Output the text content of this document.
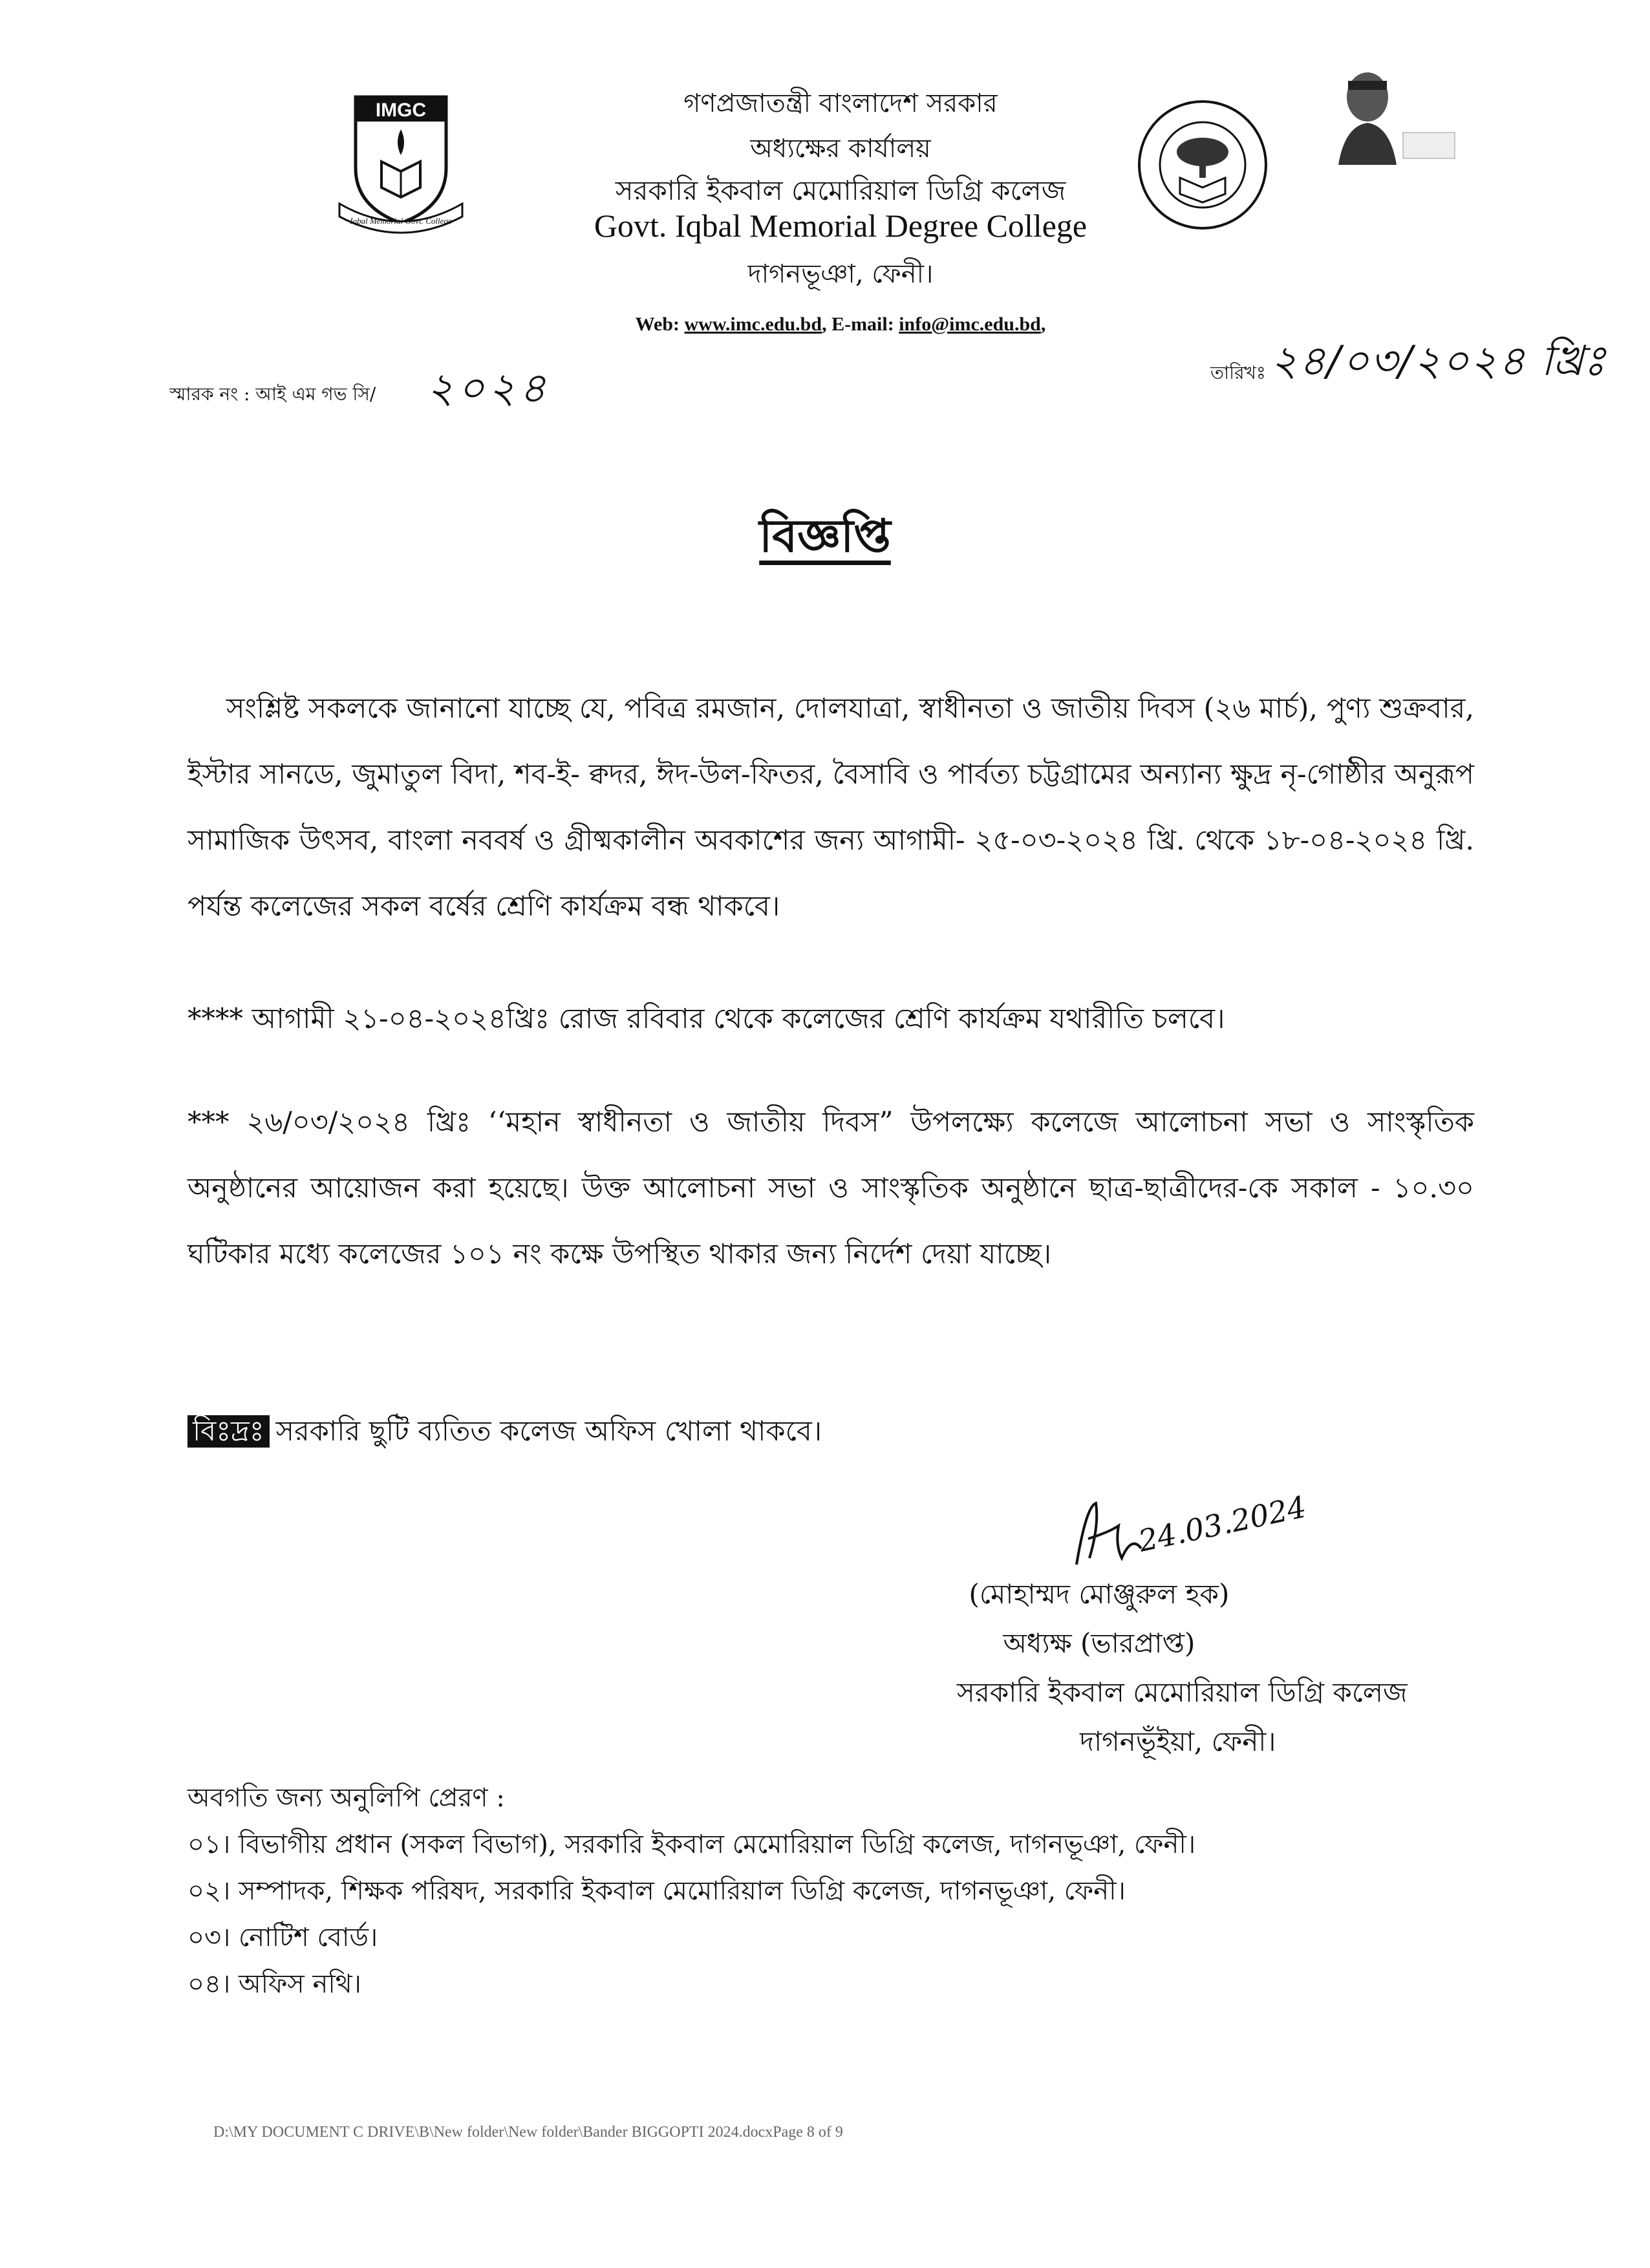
IMGC
Iqbal Memorial Govt. College
গণপ্রজাতন্ত্রী বাংলাদেশ সরকার
অধ্যক্ষের কার্যালয়
সরকারি ইকবাল মেমোরিয়াল ডিগ্রি কলেজ
Govt. Iqbal Memorial Degree College
দাগনভূঞা, ফেনী।
Web: www.imc.edu.bd, E-mail: info@imc.edu.bd,
স্মারক নং : আই এম গভ সি/ ২০২৪	তারিখঃ ২৪/০৩/২০২৪ খ্রিঃ
বিজ্ঞপ্তি
সংশ্লিষ্ট সকলকে জানানো যাচ্ছে যে, পবিত্র রমজান, দোলযাত্রা, স্বাধীনতা ও জাতীয় দিবস (২৬ মার্চ), পুণ্য শুক্রবার, ইস্টার সানডে, জুমাতুল বিদা, শব-ই- ক্বদর, ঈদ-উল-ফিতর, বৈসাবি ও পার্বত্য চট্টগ্রামের অন্যান্য ক্ষুদ্র নৃ-গোষ্ঠীর অনুরূপ সামাজিক উৎসব, বাংলা নববর্ষ ও গ্রীষ্মকালীন অবকাশের জন্য আগামী- ২৫-০৩-২০২৪ খ্রি. থেকে ১৮-০৪-২০২৪ খ্রি. পর্যন্ত কলেজের সকল বর্ষের শ্রেণি কার্যক্রম বন্ধ থাকবে।
**** আগামী ২১-০৪-২০২৪খ্রিঃ রোজ রবিবার থেকে কলেজের শ্রেণি কার্যক্রম যথারীতি চলবে।
*** ২৬/০৩/২০২৪ খ্রিঃ ‘‘মহান স্বাধীনতা ও জাতীয় দিবস” উপলক্ষ্যে কলেজে আলোচনা সভা ও সাংস্কৃতিক অনুষ্ঠানের আয়োজন করা হয়েছে। উক্ত আলোচনা সভা ও সাংস্কৃতিক অনুষ্ঠানে ছাত্র-ছাত্রীদের-কে সকাল - ১০.৩০ ঘটিকার মধ্যে কলেজের ১০১ নং কক্ষে উপস্থিত থাকার জন্য নির্দেশ দেয়া যাচ্ছে।
বিঃদ্রঃ সরকারি ছুটি ব্যতিত কলেজ অফিস খোলা থাকবে।
24.03.2024
(মোহাম্মদ মোঞ্জুরুল হক)
অধ্যক্ষ (ভারপ্রাপ্ত)
সরকারি ইকবাল মেমোরিয়াল ডিগ্রি কলেজ
দাগনভূঁইয়া, ফেনী।
অবগতি জন্য অনুলিপি প্রেরণ :
০১। বিভাগীয় প্রধান (সকল বিভাগ), সরকারি ইকবাল মেমোরিয়াল ডিগ্রি কলেজ, দাগনভূঞা, ফেনী।
০২। সম্পাদক, শিক্ষক পরিষদ, সরকারি ইকবাল মেমোরিয়াল ডিগ্রি কলেজ, দাগনভূঞা, ফেনী।
০৩। নোটিশ বোর্ড।
০৪। অফিস নথি।
D:\MY DOCUMENT C DRIVE\B\New folder\New folder\Bander BIGGOPTI 2024.docxPage 8 of 9
